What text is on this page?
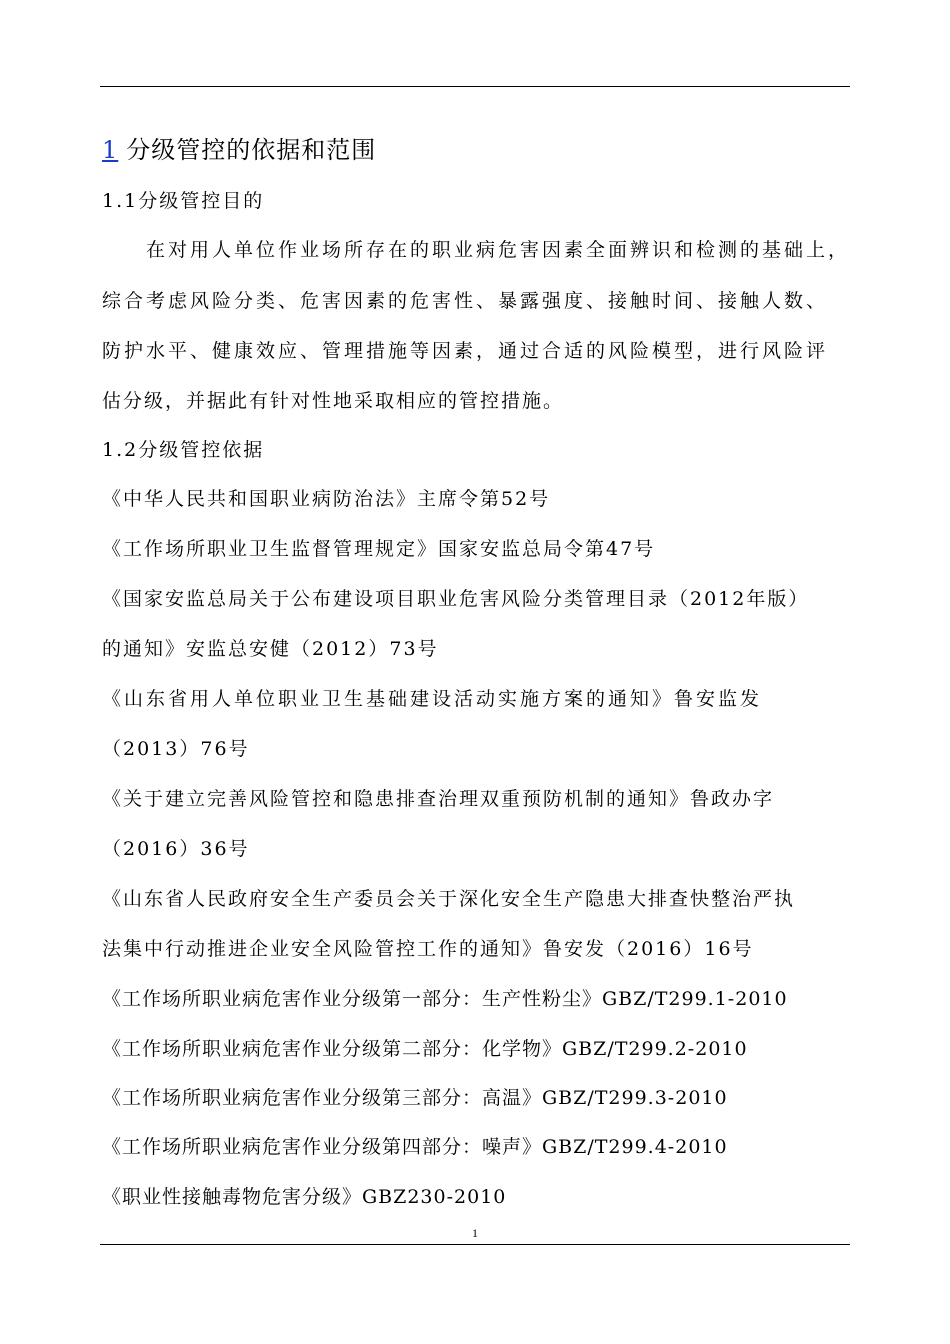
1 分级管控的依据和范围
1.1分级管控目的
在对用人单位作业场所存在的职业病危害因素全面辨识和检测的基础上，
综合考虑风险分类、危害因素的危害性、暴露强度、接触时间、接触人数、
防护水平、健康效应、管理措施等因素，通过合适的风险模型，进行风险评
估分级，并据此有针对性地采取相应的管控措施。
1.2分级管控依据
《中华人民共和国职业病防治法》主席令第52号
《工作场所职业卫生监督管理规定》国家安监总局令第47号
《国家安监总局关于公布建设项目职业危害风险分类管理目录（2012年版）
的通知》安监总安健（2012）73号
《山东省用人单位职业卫生基础建设活动实施方案的通知》鲁安监发
（2013）76号
《关于建立完善风险管控和隐患排查治理双重预防机制的通知》鲁政办字
（2016）36号
《山东省人民政府安全生产委员会关于深化安全生产隐患大排查快整治严执
法集中行动推进企业安全风险管控工作的通知》鲁安发（2016）16号
《工作场所职业病危害作业分级第一部分：生产性粉尘》GBZ/T299.1-2010
《工作场所职业病危害作业分级第二部分：化学物》GBZ/T299.2-2010
《工作场所职业病危害作业分级第三部分：高温》GBZ/T299.3-2010
《工作场所职业病危害作业分级第四部分：噪声》GBZ/T299.4-2010
《职业性接触毒物危害分级》GBZ230-2010
1
